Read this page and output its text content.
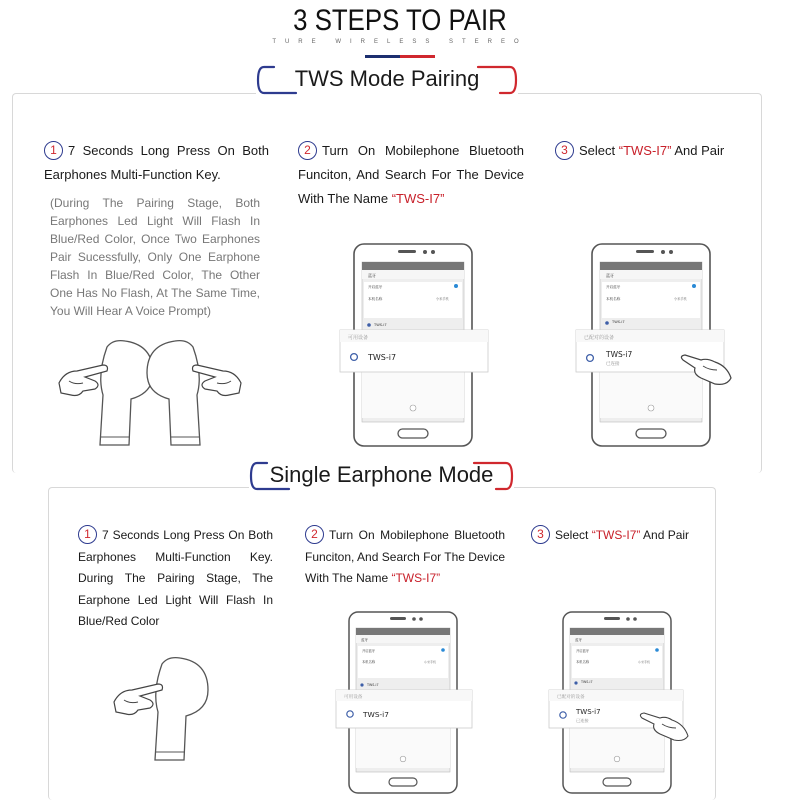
3 STEPS TO PAIR
TURE WIRELESS STEREO
TWS Mode Pairing
1 7 Seconds Long Press On Both Earphones Multi-Function Key.
(During The Pairing Stage, Both Earphones Led Light Will Flash In Blue/Red Color, Once Two Earphones Pair Sucessfully, Only One Earphone Flash In Blue/Red Color, The Other One Has No Flash, At The Same Time, You Will Hear A Voice Prompt)
2 Turn On Mobilephone Bluetooth Funciton, And Search For The Device With The Name “TWS-I7”
3 Select “TWS-I7” And Pair
蓝牙
开启蓝牙
本机名称	小米手机
TWS-i7
可用设备
TWS-i7
蓝牙
开启蓝牙
本机名称	小米手机
TWS-i7
已配对的设备
TWS-i7
已连接
Single Earphone Mode
1 7 Seconds Long Press On Both Earphones Multi-Function Key. During The Pairing Stage, The Earphone Led Light Will Flash In Blue/Red Color
2 Turn On Mobilephone Bluetooth Funciton, And Search For The Device With The Name “TWS-I7”
3 Select “TWS-I7” And Pair
蓝牙
开启蓝牙
本机名称	小米手机
TWS-i7
可用设备
TWS-i7
蓝牙
开启蓝牙
本机名称	小米手机
TWS-i7
已配对的设备
TWS-i7
已连接
